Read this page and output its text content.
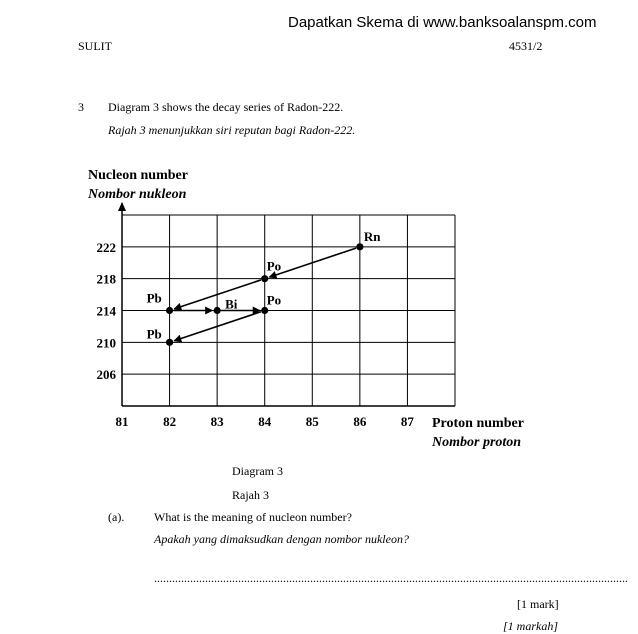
Dapatkan Skema di www.banksoalanspm.com
SULIT	4531/2
3 Diagram 3 shows the decay series of Radon-222.
Rajah 3 menunjukkan siri reputan bagi Radon-222.
81	82	83	84	85	86	87
222
218
214
210
206
Rn
Po
Pb	Bi Po
Pb
Nucleon number
Nombor nukleon
Proton number
Nombor proton
Diagram 3
Rajah 3
(a). What is the meaning of nucleon number?
Apakah yang dimaksudkan dengan nombor nukleon?
..............................................................................................................................................................
[1 mark]
[1 markah]
